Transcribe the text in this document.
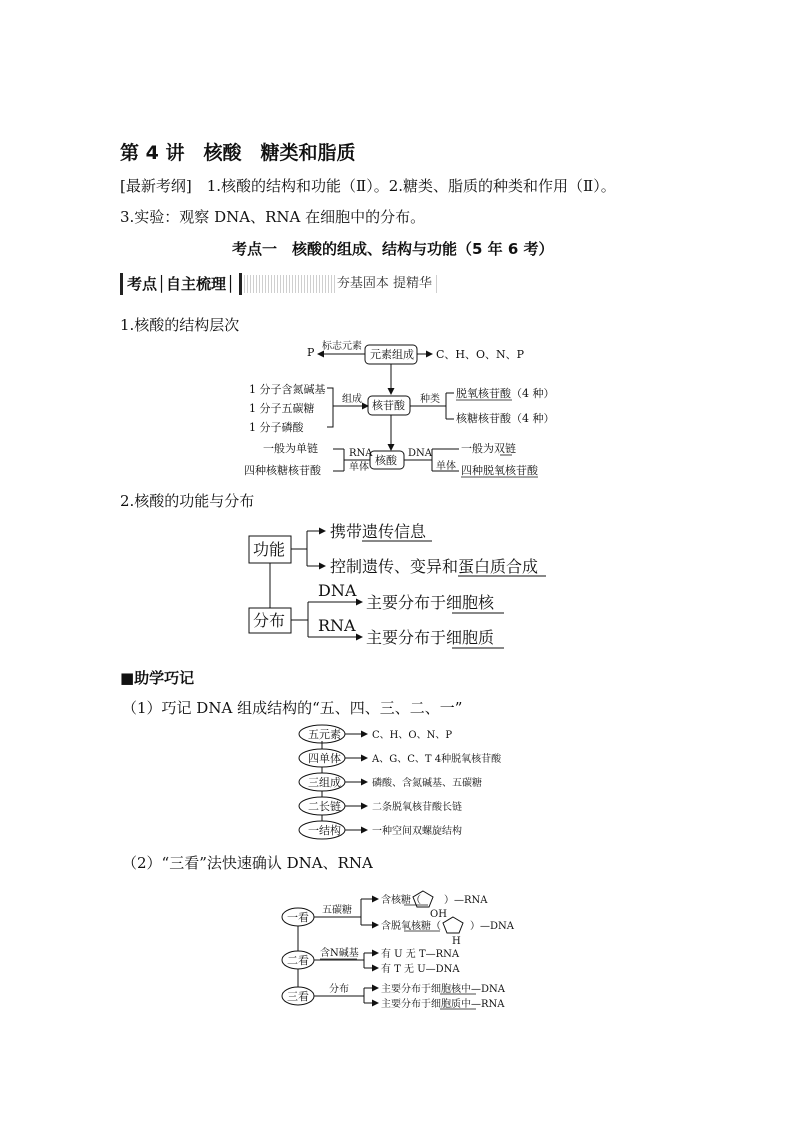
第 4 讲　核酸　糖类和脂质
[最新考纲]　1.核酸的结构和功能（Ⅱ）。2.糖类、脂质的种类和作用（Ⅱ）。
3.实验：观察 DNA、RNA 在细胞中的分布。
考点一　核酸的组成、结构与功能（5 年 6 考）
考点│自主梳理│	夯基固本 提精华
1.核酸的结构层次
2.核酸的功能与分布
■助学巧记
（1）巧记 DNA 组成结构的“五、四、三、二、一”
（2）“三看”法快速确认 DNA、RNA
P 标志元素
元素组成 C、H、O、N、P
1 分子含氮碱基
1 分子五碳糖
1 分子磷酸
组成 核苷酸 种类 脱氧核苷酸（4 种）
核糖核苷酸（4 种）
核酸
RNA
单体
一般为单链
四种核糖核苷酸
DNA
单体
一般为双链
四种脱氧核苷酸
功能
携带遗传信息
控制遗传、变异和蛋白质合成
分布
DNA
RNA
主要分布于细胞核
主要分布于细胞质
五元素	C、H、O、N、P
四单体	A、G、C、T 4种脱氧核苷酸
三组成	磷酸、含氮碱基、五碳糖
二长链	二条脱氧核苷酸长链
一结构	一种空间双螺旋结构
一看
五碳糖
含核糖（ ）—RNA
OH
含脱氧核糖（	）—DNA
H
二看
含N碱基 有 U 无 T—RNA
有 T 无 U—DNA
三看
分布	主要分布于细胞核中—DNA
主要分布于细胞质中—RNA
